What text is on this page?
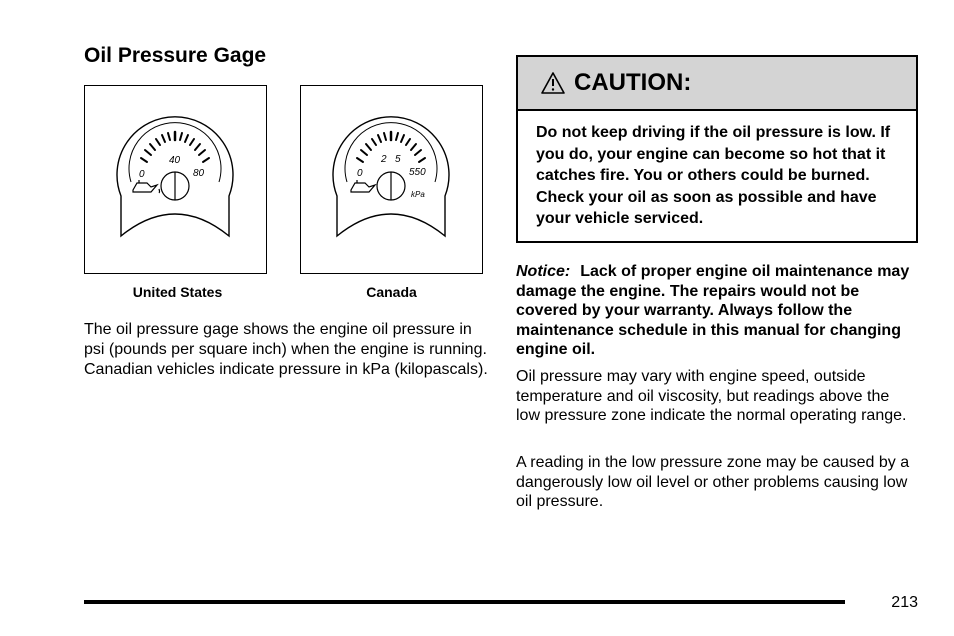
Oil Pressure Gage
0
40
80
United States
0
2 5
550
kPa
Canada

The oil pressure gage shows the engine oil pressure in psi (pounds per square inch) when the engine is running. Canadian vehicles indicate pressure in kPa (kilopascals).

CAUTION:

Do not keep driving if the oil pressure is low. If you do, your engine can become so hot that it catches fire. You or others could be burned. Check your oil as soon as possible and have your vehicle serviced.

Notice: Lack of proper engine oil maintenance may damage the engine. The repairs would not be covered by your warranty. Always follow the maintenance schedule in this manual for changing engine oil.

Oil pressure may vary with engine speed, outside temperature and oil viscosity, but readings above the low pressure zone indicate the normal operating range.

A reading in the low pressure zone may be caused by a dangerously low oil level or other problems causing low oil pressure.

213
